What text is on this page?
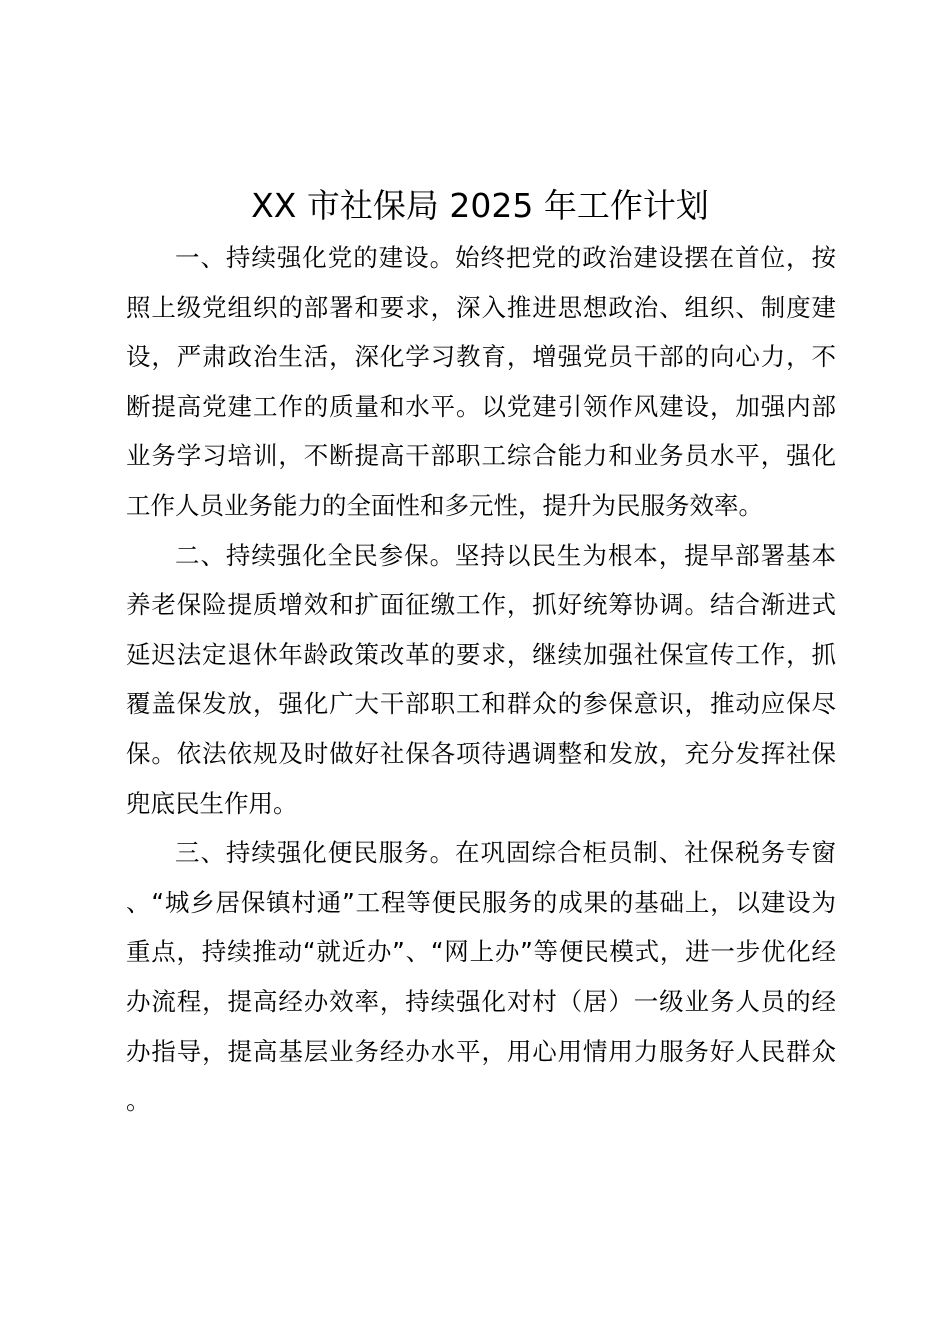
XX 市社保局 2025 年工作计划

一、持续强化党的建设。始终把党的政治建设摆在首位，按照上级党组织的部署和要求，深入推进思想政治、组织、制度建设，严肃政治生活，深化学习教育，增强党员干部的向心力，不断提高党建工作的质量和水平。以党建引领作风建设，加强内部业务学习培训，不断提高干部职工综合能力和业务员水平，强化工作人员业务能力的全面性和多元性，提升为民服务效率。

二、持续强化全民参保。坚持以民生为根本，提早部署基本养老保险提质增效和扩面征缴工作，抓好统筹协调。结合渐进式延迟法定退休年龄政策改革的要求，继续加强社保宣传工作，抓覆盖保发放，强化广大干部职工和群众的参保意识，推动应保尽保。依法依规及时做好社保各项待遇调整和发放，充分发挥社保兜底民生作用。

三、持续强化便民服务。在巩固综合柜员制、社保税务专窗、“城乡居保镇村通”工程等便民服务的成果的基础上，以建设为重点，持续推动“就近办”、“网上办”等便民模式，进一步优化经办流程，提高经办效率，持续强化对村（居）一级业务人员的经办指导，提高基层业务经办水平，用心用情用力服务好人民群众。
